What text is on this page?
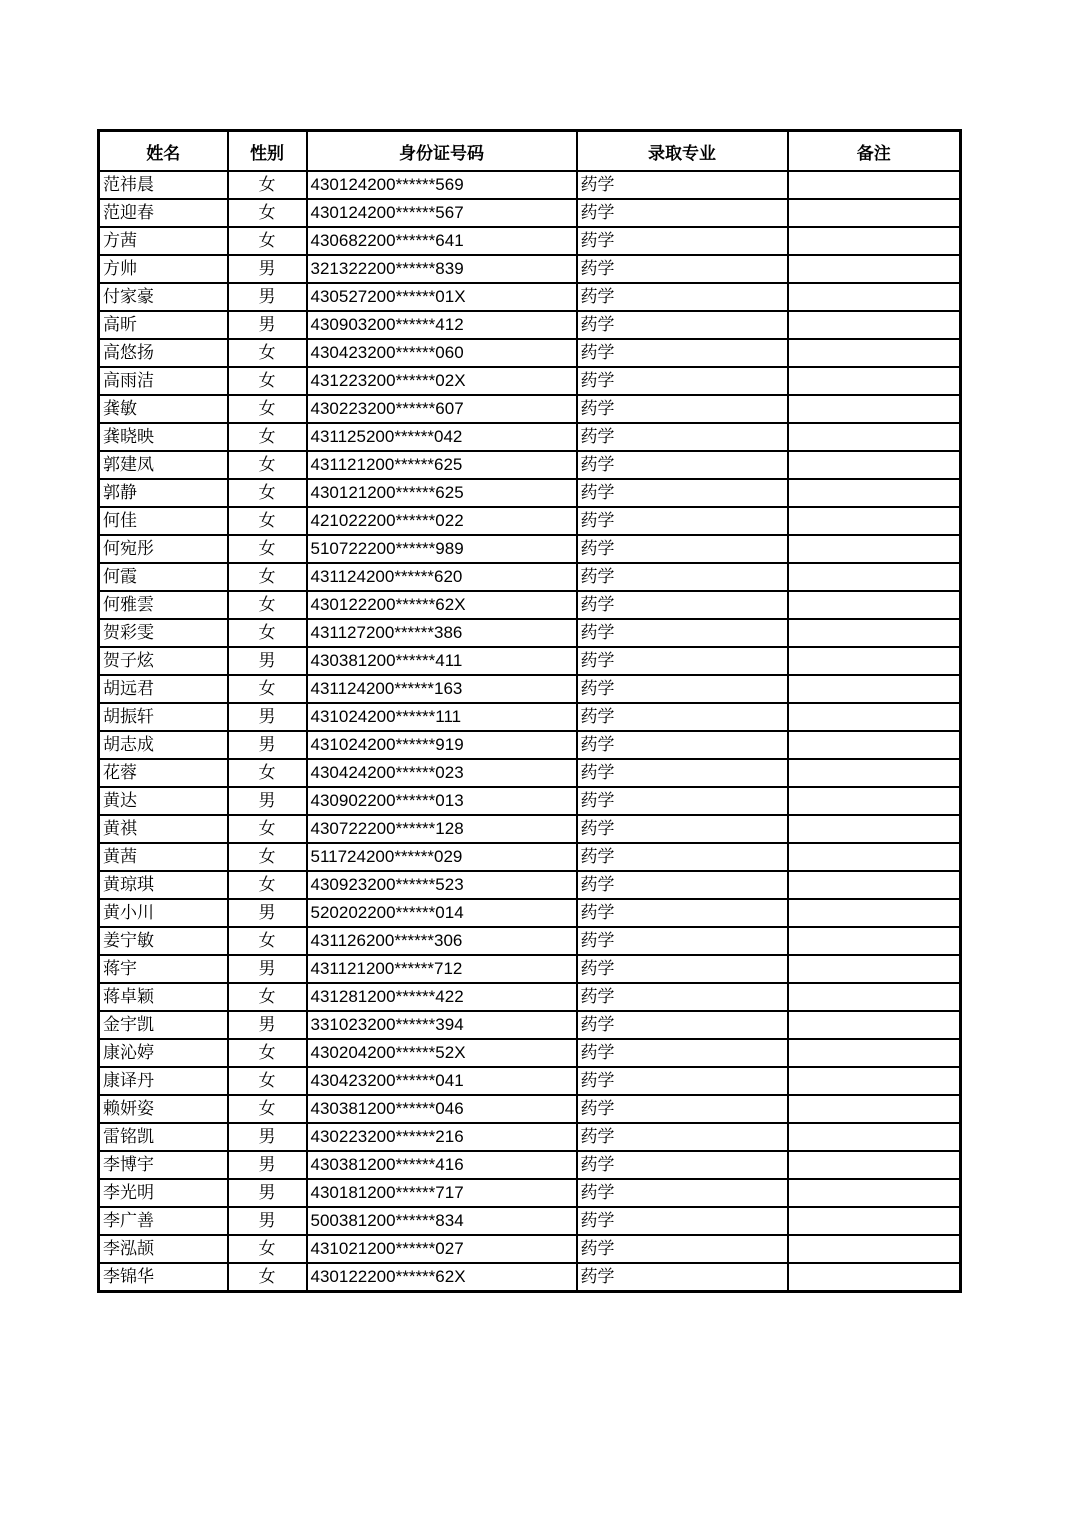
姓名	性别	身份证号码	录取专业	备注
范祎晨	女	430124200******569	药学	
范迎春	女	430124200******567	药学	
方茜	女	430682200******641	药学	
方帅	男	321322200******839	药学	
付家豪	男	430527200******01X	药学	
高昕	男	430903200******412	药学	
高悠扬	女	430423200******060	药学	
高雨洁	女	431223200******02X	药学	
龚敏	女	430223200******607	药学	
龚晓映	女	431125200******042	药学	
郭建凤	女	431121200******625	药学	
郭静	女	430121200******625	药学	
何佳	女	421022200******022	药学	
何宛彤	女	510722200******989	药学	
何霞	女	431124200******620	药学	
何雅雲	女	430122200******62X	药学	
贺彩雯	女	431127200******386	药学	
贺子炫	男	430381200******411	药学	
胡远君	女	431124200******163	药学	
胡振轩	男	431024200******111	药学	
胡志成	男	431024200******919	药学	
花蓉	女	430424200******023	药学	
黄达	男	430902200******013	药学	
黄祺	女	430722200******128	药学	
黄茜	女	511724200******029	药学	
黄琼琪	女	430923200******523	药学	
黄小川	男	520202200******014	药学	
姜宁敏	女	431126200******306	药学	
蒋宇	男	431121200******712	药学	
蒋卓颖	女	431281200******422	药学	
金宇凯	男	331023200******394	药学	
康沁婷	女	430204200******52X	药学	
康译丹	女	430423200******041	药学	
赖妍姿	女	430381200******046	药学	
雷铭凯	男	430223200******216	药学	
李博宇	男	430381200******416	药学	
李光明	男	430181200******717	药学	
李广善	男	500381200******834	药学	
李泓颉	女	431021200******027	药学	
李锦华	女	430122200******62X	药学	
